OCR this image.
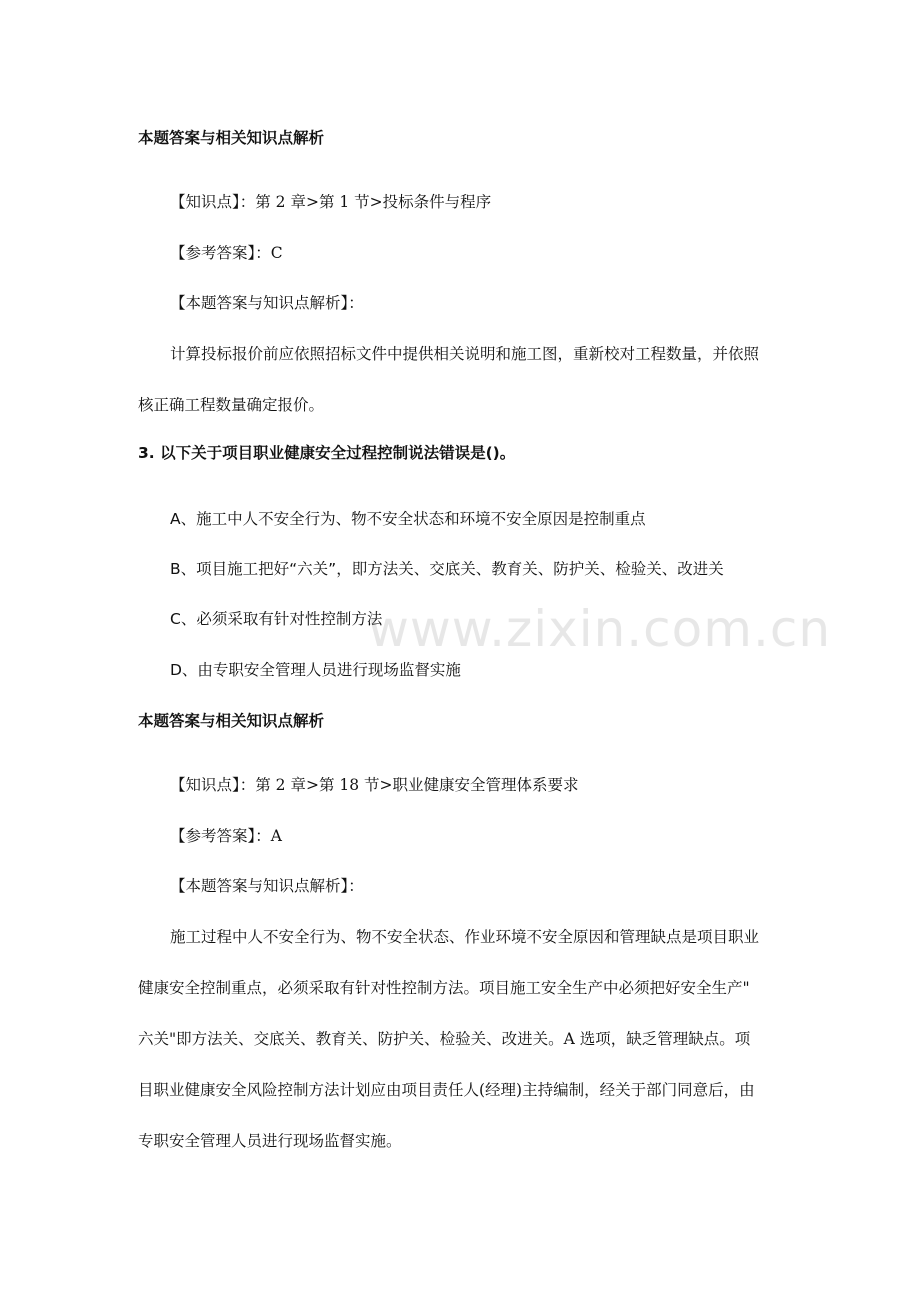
本题答案与相关知识点解析
【知识点】：第 2 章>第 1 节>投标条件与程序
【参考答案】：C
【本题答案与知识点解析】：
计算投标报价前应依照招标文件中提供相关说明和施工图，重新校对工程数量，并依照
核正确工程数量确定报价。
3. 以下关于项目职业健康安全过程控制说法错误是()。
A、施工中人不安全行为、物不安全状态和环境不安全原因是控制重点
B、项目施工把好“六关”，即方法关、交底关、教育关、防护关、检验关、改进关
C、必须采取有针对性控制方法
D、由专职安全管理人员进行现场监督实施
本题答案与相关知识点解析
【知识点】：第 2 章>第 18 节>职业健康安全管理体系要求
【参考答案】：A
【本题答案与知识点解析】：
施工过程中人不安全行为、物不安全状态、作业环境不安全原因和管理缺点是项目职业
健康安全控制重点，必须采取有针对性控制方法。项目施工安全生产中必须把好安全生产"
六关"即方法关、交底关、教育关、防护关、检验关、改进关。A 选项，缺乏管理缺点。项
目职业健康安全风险控制方法计划应由项目责任人(经理)主持编制，经关于部门同意后，由
专职安全管理人员进行现场监督实施。
www.zixin.com.cn
